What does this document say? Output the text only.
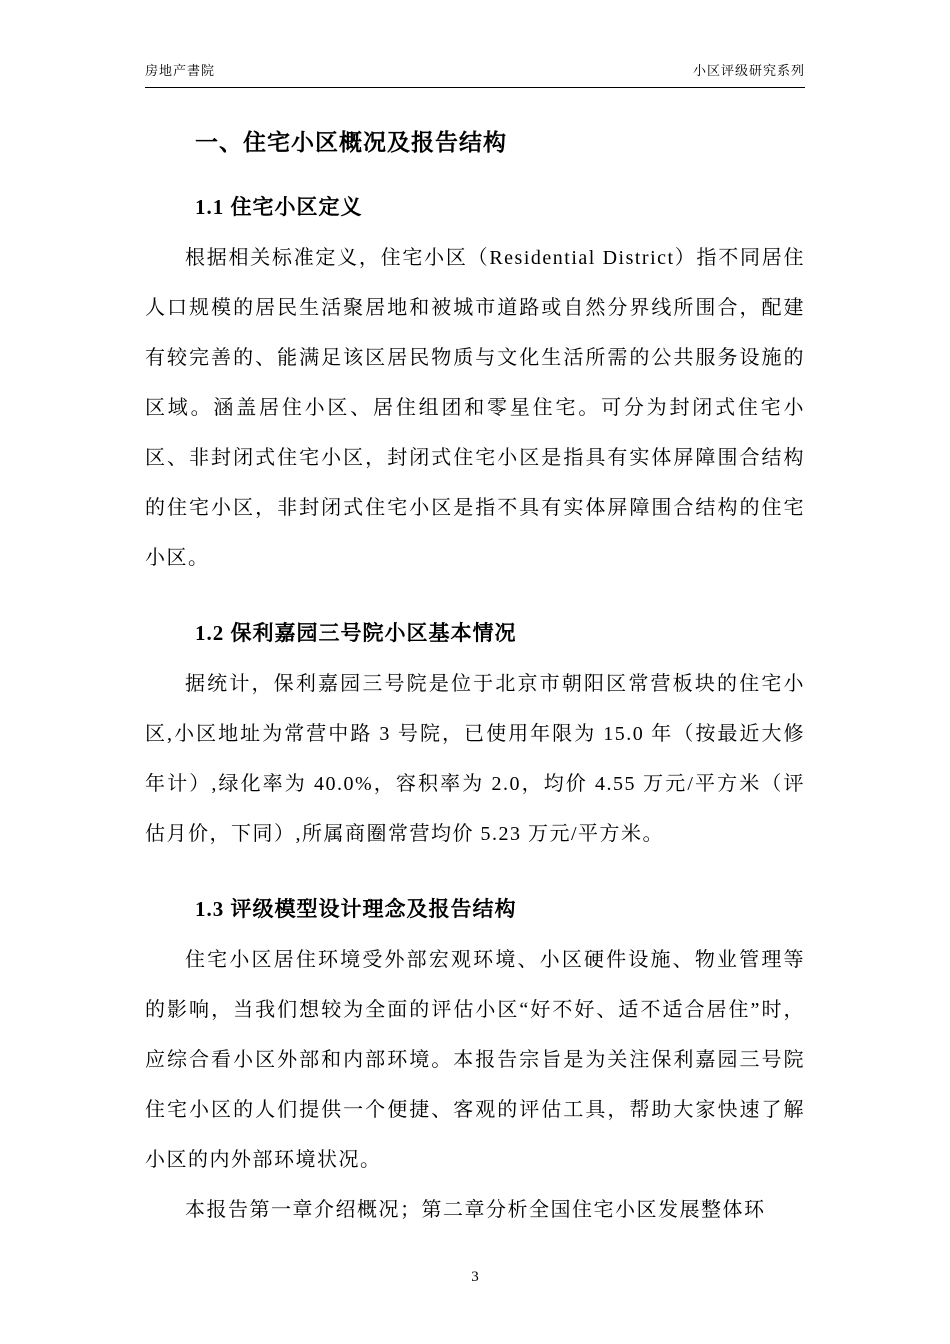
房地产書院	小区评级研究系列
一、住宅小区概况及报告结构
1.1 住宅小区定义

根据相关标准定义，住宅小区（Residential District）指不同居住人口规模的居民生活聚居地和被城市道路或自然分界线所围合，配建有较完善的、能满足该区居民物质与文化生活所需的公共服务设施的区域。涵盖居住小区、居住组团和零星住宅。可分为封闭式住宅小区、非封闭式住宅小区，封闭式住宅小区是指具有实体屏障围合结构的住宅小区，非封闭式住宅小区是指不具有实体屏障围合结构的住宅小区。

1.2 保利嘉园三号院小区基本情况

据统计，保利嘉园三号院是位于北京市朝阳区常营板块的住宅小区,小区地址为常营中路 3 号院，已使用年限为 15.0 年（按最近大修年计）,绿化率为 40.0%，容积率为 2.0，均价 4.55 万元/平方米（评估月价，下同）,所属商圈常营均价 5.23 万元/平方米。

1.3 评级模型设计理念及报告结构

住宅小区居住环境受外部宏观环境、小区硬件设施、物业管理等的影响，当我们想较为全面的评估小区“好不好、适不适合居住”时，应综合看小区外部和内部环境。本报告宗旨是为关注保利嘉园三号院住宅小区的人们提供一个便捷、客观的评估工具，帮助大家快速了解小区的内外部环境状况。

本报告第一章介绍概况；第二章分析全国住宅小区发展整体环

3
